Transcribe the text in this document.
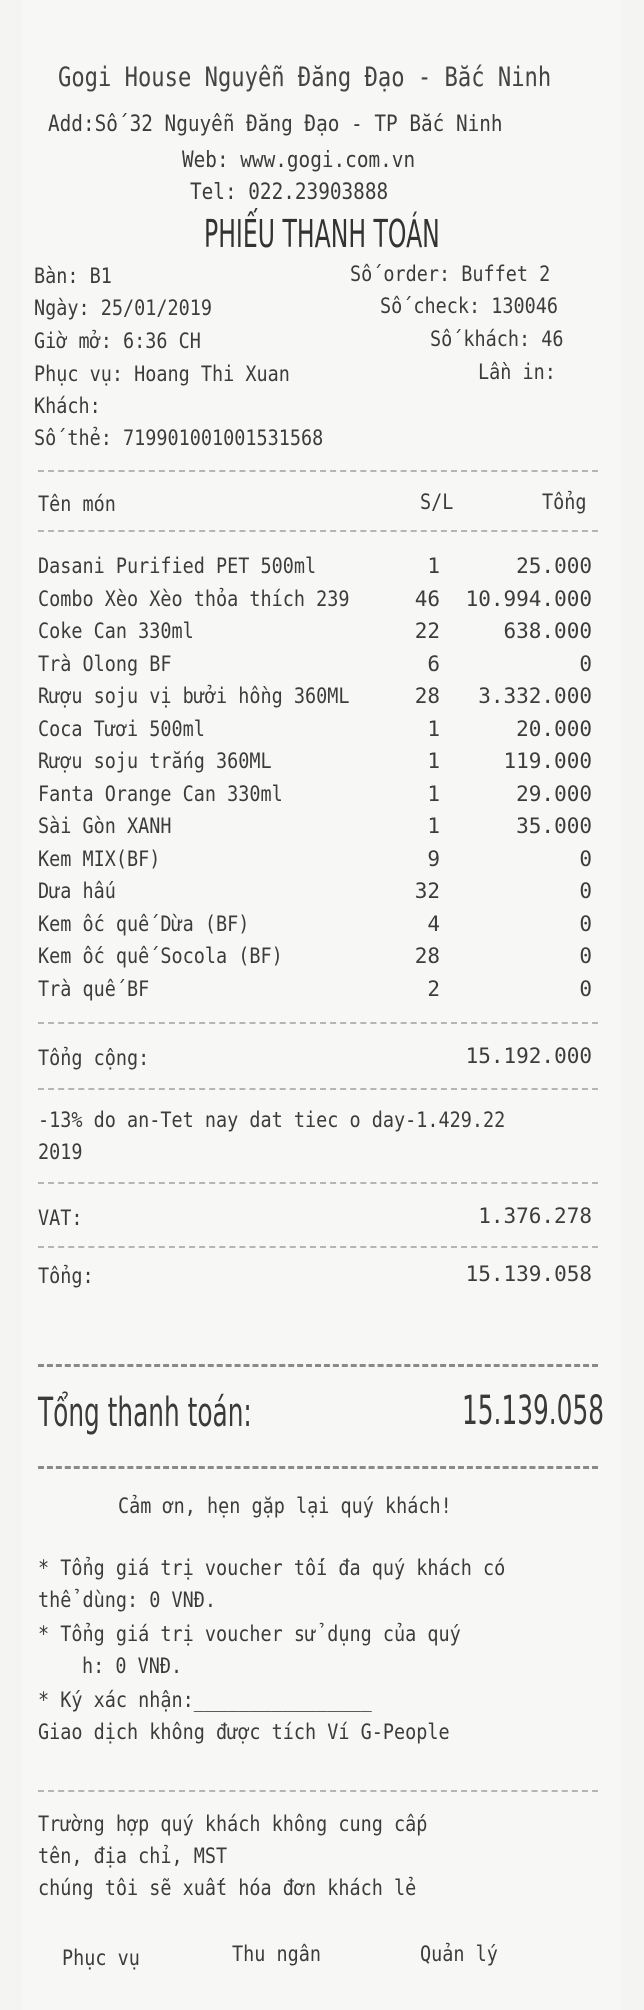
Gogi House Nguyễn Đăng Đạo - Bắc Ninh
Add:Số 32 Nguyễn Đăng Đạo - TP Bắc Ninh
Web: www.gogi.com.vn
Tel: 022.23903888
PHIẾU THANH TOÁN
Bàn: B1	Số order: Buffet 2
Ngày: 25/01/2019	Số check: 130046
Giờ mở: 6:36 CH	Số khách: 46
Phục vụ: Hoang Thi Xuan	Lần in:
Khách:
Số thẻ: 719901001001531568
Tên món	S/L	Tổng
Dasani Purified PET 500ml	1	25.000
Combo Xèo Xèo thỏa thích 239	46	10.994.000
Coke Can 330ml	22	638.000
Trà Olong BF	6	0
Rượu soju vị bưởi hồng 360ML	28	3.332.000
Coca Tươi 500ml	1	20.000
Rượu soju trắng 360ML	1	119.000
Fanta Orange Can 330ml	1	29.000
Sài Gòn XANH	1	35.000
Kem MIX(BF)	9	0
Dưa hấu	32	0
Kem ốc quế Dừa (BF)	4	0
Kem ốc quế Socola (BF)	28	0
Trà quế BF	2	0
Tổng cộng:	15.192.000
-13% do an-Tet nay dat tiec o day-1.429.22
2019
VAT:	1.376.278
Tổng:	15.139.058
Tổng thanh toán:	15.139.058
Cảm ơn, hẹn gặp lại quý khách!
* Tổng giá trị voucher tối đa quý khách có
thể dùng: 0 VNĐ.
* Tổng giá trị voucher sử dụng của quý
h: 0 VNĐ.
* Ký xác nhận:________________
Giao dịch không được tích Ví G-People
Trường hợp quý khách không cung cấp
tên, địa chỉ, MST
chúng tôi sẽ xuất hóa đơn khách lẻ
Phục vụ	Thu ngân	Quản lý
